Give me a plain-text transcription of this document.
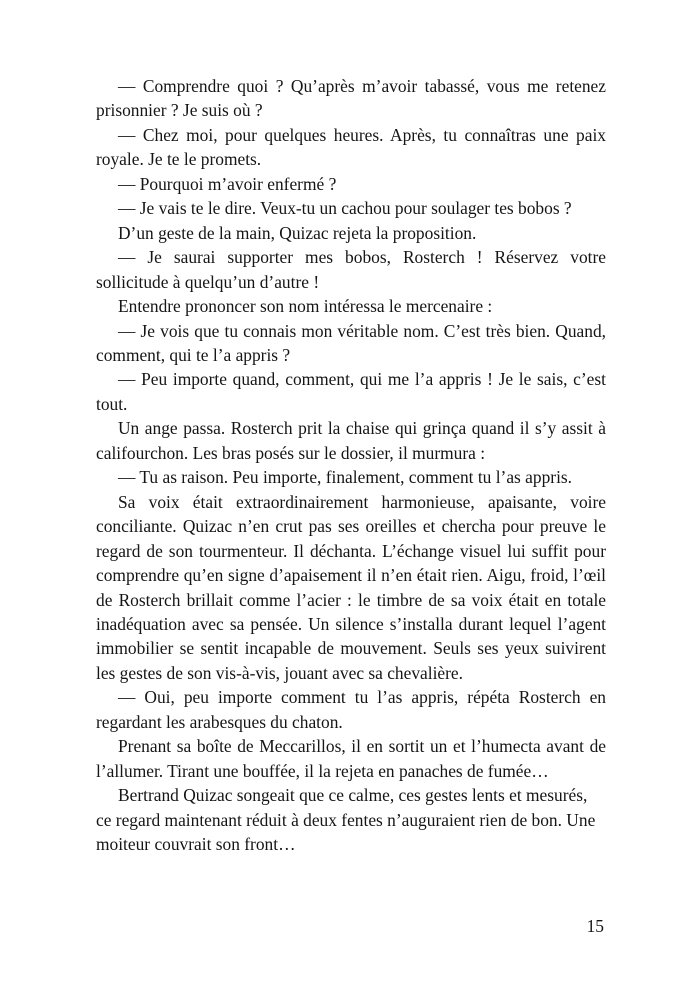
— Comprendre quoi ? Qu’après m’avoir tabassé, vous me retenez prisonnier ? Je suis où ?

— Chez moi, pour quelques heures. Après, tu connaîtras une paix royale. Je te le promets.

— Pourquoi m’avoir enfermé ?

— Je vais te le dire. Veux-tu un cachou pour soulager tes bobos ?

D’un geste de la main, Quizac rejeta la proposition.

— Je saurai supporter mes bobos, Rosterch ! Réservez votre sollicitude à quelqu’un d’autre !

Entendre prononcer son nom intéressa le mercenaire :

— Je vois que tu connais mon véritable nom. C’est très bien. Quand, comment, qui te l’a appris ?

— Peu importe quand, comment, qui me l’a appris ! Je le sais, c’est tout.

Un ange passa. Rosterch prit la chaise qui grinça quand il s’y assit à califourchon. Les bras posés sur le dossier, il murmura :

— Tu as raison. Peu importe, finalement, comment tu l’as appris.

Sa voix était extraordinairement harmonieuse, apaisante, voire conciliante. Quizac n’en crut pas ses oreilles et chercha pour preuve le regard de son tourmenteur. Il déchanta. L’échange visuel lui suffit pour comprendre qu’en signe d’apaisement il n’en était rien. Aigu, froid, l’œil de Rosterch brillait comme l’acier : le timbre de sa voix était en totale inadéquation avec sa pensée. Un silence s’installa durant lequel l’agent immobilier se sentit incapable de mouvement. Seuls ses yeux suivirent les gestes de son vis-à-vis, jouant avec sa chevalière.

— Oui, peu importe comment tu l’as appris, répéta Rosterch en regardant les arabesques du chaton.

Prenant sa boîte de Meccarillos, il en sortit un et l’humecta avant de l’allumer. Tirant une bouffée, il la rejeta en panaches de fumée…

Bertrand Quizac songeait que ce calme, ces gestes lents et mesurés, ce regard maintenant réduit à deux fentes n’auguraient rien de bon. Une moiteur couvrait son front…

15
